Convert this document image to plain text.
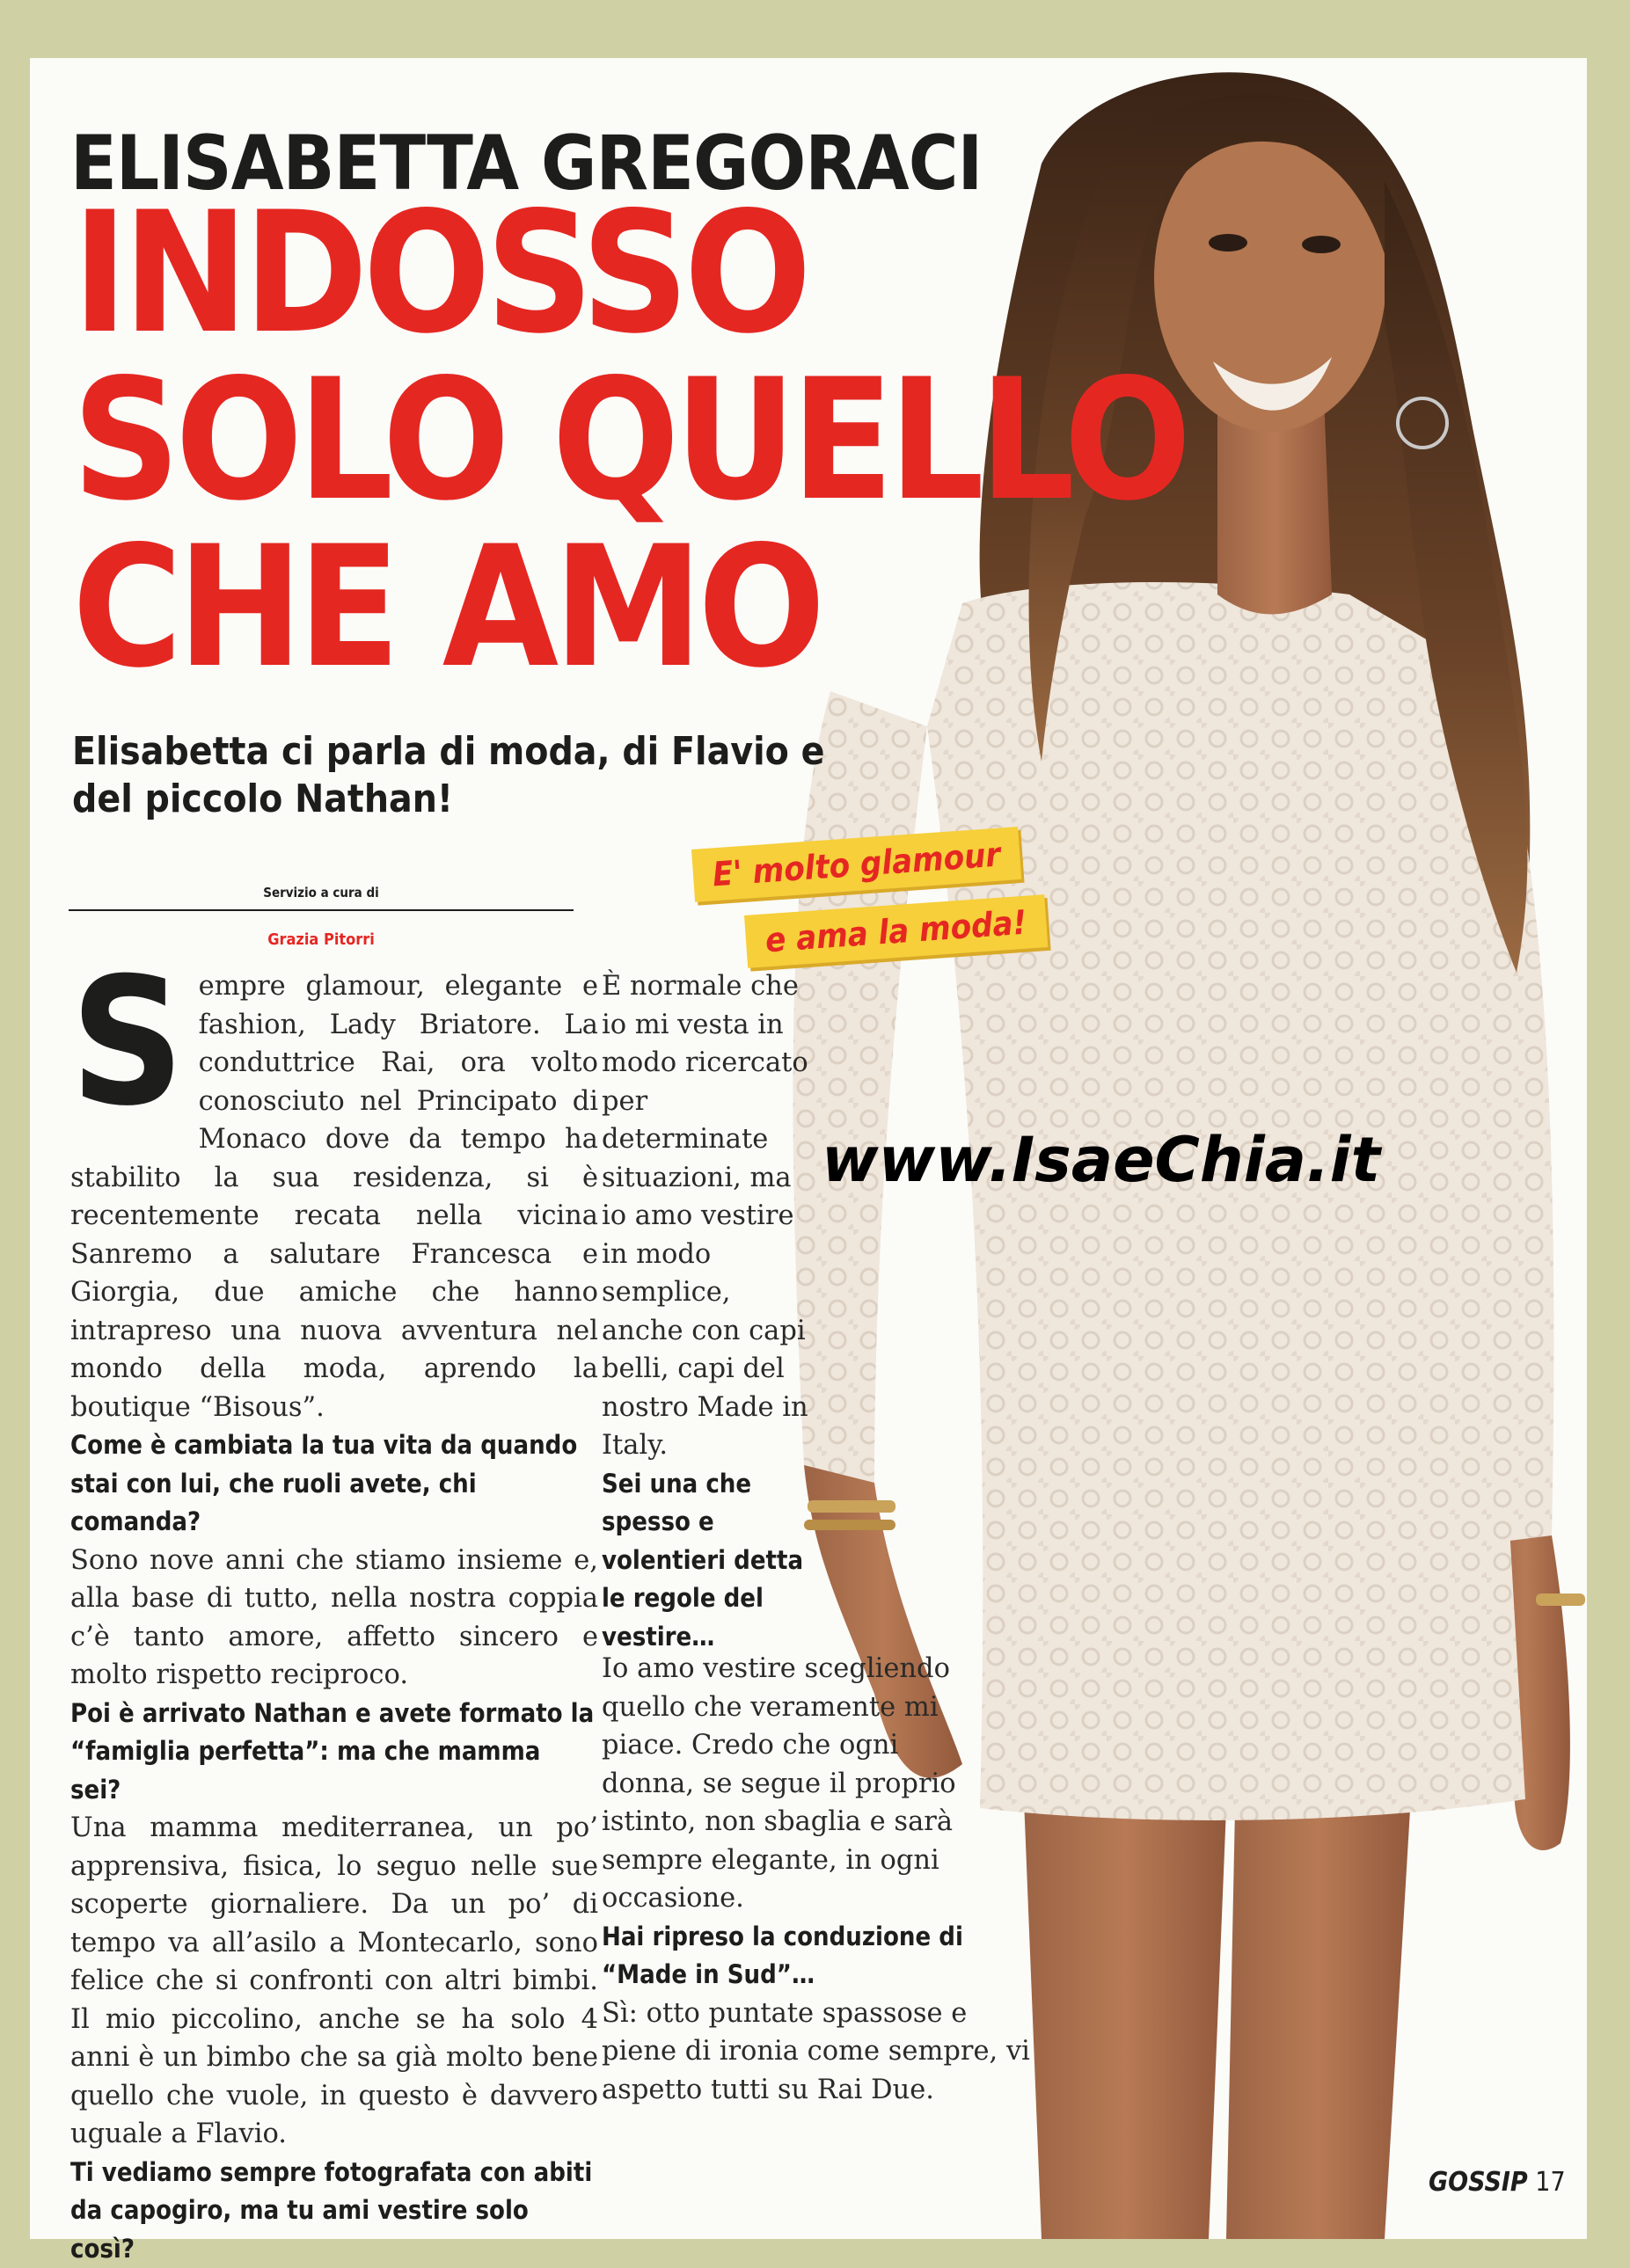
ELISABETTA GREGORACI
INDOSSO
SOLO QUELLO
CHE AMO
Elisabetta ci parla di moda, di Flavio e del piccolo Nathan!
E' molto glamour
e ama la moda!
Servizio a cura di
Grazia Pitorri

Sempre glamour, elegante e fashion, Lady Briatore. La conduttrice Rai, ora volto conosciuto nel Principato di Monaco dove da tempo ha stabilito la sua residenza, si è recentemente recata nella vicina Sanremo a salutare Francesca e Giorgia, due amiche che hanno intrapreso una nuova avventura nel mondo della moda, aprendo la boutique “Bisous”.

Come è cambiata la tua vita da quando stai con lui, che ruoli avete, chi comanda?

Sono nove anni che stiamo insieme e, alla base di tutto, nella nostra coppia c’è tanto amore, affetto sincero e molto rispetto reciproco.

Poi è arrivato Nathan e avete formato la “famiglia perfetta”: ma che mamma sei?

Una mamma mediterranea, un po’ apprensiva, fisica, lo seguo nelle sue scoperte giornaliere. Da un po’ di tempo va all’asilo a Montecarlo, sono felice che si confronti con altri bimbi. Il mio piccolino, anche se ha solo 4 anni è un bimbo che sa già molto bene quello che vuole, in questo è davvero uguale a Flavio.

Ti vediamo sempre fotografata con abiti da capogiro, ma tu ami vestire solo così?

È normale che io mi vesta in modo ricercato per determinate situazioni, ma io amo vestire in modo semplice, anche con capi belli, capi del nostro Made in Italy.

Sei una che spesso e volentieri detta le regole del vestire…

Io amo vestire scegliendo quello che veramente mi piace. Credo che ogni donna, se segue il proprio istinto, non sbaglia e sarà sempre elegante, in ogni occasione.

Hai ripreso la conduzione di “Made in Sud”…

Sì: otto puntate spassose e piene di ironia come sempre, vi aspetto tutti su Rai Due.

www.IsaeChia.it
GOSSIP 17
